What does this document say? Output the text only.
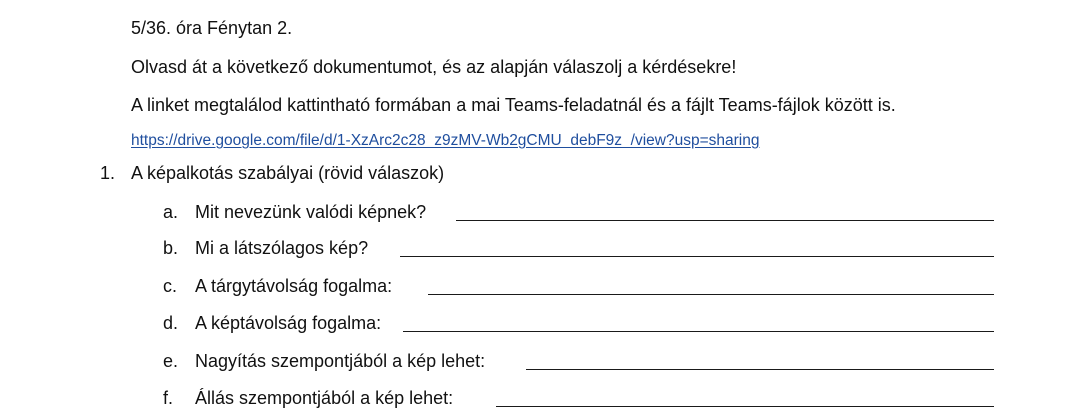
5/36. óra Fénytan 2.
Olvasd át a következő dokumentumot, és az alapján válaszolj a kérdésekre!
A linket megtalálod kattintható formában a mai Teams-feladatnál és a fájlt Teams-fájlok között is.
https://drive.google.com/file/d/1-XzArc2c28_z9zMV-Wb2gCMU_debF9z_/view?usp=sharing
1. A képalkotás szabályai (rövid válaszok)
a. Mit nevezünk valódi képnek?
b. Mi a látszólagos kép?
c. A tárgytávolság fogalma:
d. A képtávolság fogalma:
e. Nagyítás szempontjából a kép lehet:
f. Állás szempontjából a kép lehet:
